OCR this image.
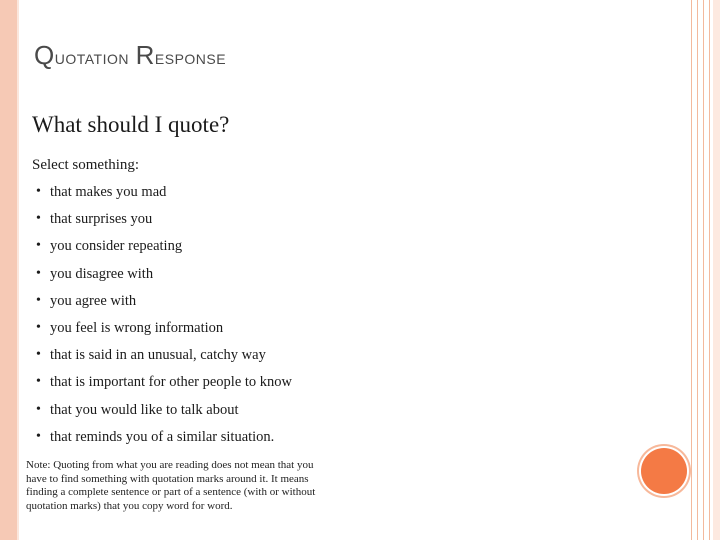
Quotation Response
What should I quote?
Select something:
• that makes you mad
• that surprises you
• you consider repeating
• you disagree with
• you agree with
• you feel is wrong information
• that is said in an unusual, catchy way
• that is important for other people to know
• that you would like to talk about
• that reminds you of a similar situation.
Note: Quoting from what you are reading does not mean that you
have to find something with quotation marks around it. It means
finding a complete sentence or part of a sentence (with or without
quotation marks) that you copy word for word.
